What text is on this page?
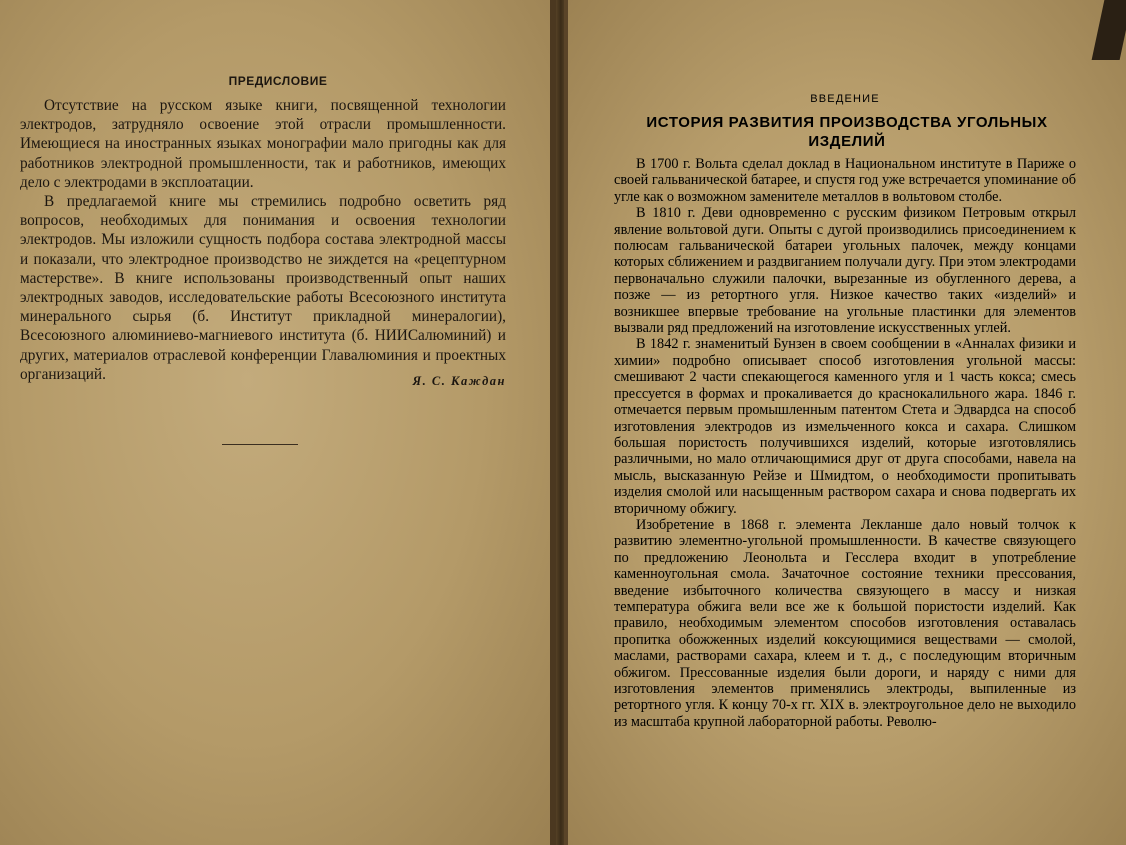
ПРЕДИСЛОВИЕ

Отсутствие на русском языке книги, посвященной технологии электродов, затрудняло освоение этой отрасли промышленности. Имеющиеся на иностранных языках монографии мало пригодны как для работников электродной промышленности, так и работников, имеющих дело с электродами в эксплоатации.

В предлагаемой книге мы стремились подробно осветить ряд вопросов, необходимых для понимания и освоения технологии электродов. Мы изложили сущность подбора состава электродной массы и показали, что электродное производство не зиждется на «рецептурном мастерстве». В книге использованы производственный опыт наших электродных заводов, исследовательские работы Всесоюзного института минерального сырья (б. Институт прикладной минералогии), Всесоюзного алюминиево-магниевого института (б. НИИСалюминий) и других, материалов отраслевой конференции Главалюминия и проектных организаций.	Я. С. Каждан
ВВЕДЕНИЕ
ИСТОРИЯ РАЗВИТИЯ ПРОИЗВОДСТВА УГОЛЬНЫХ ИЗДЕЛИЙ

В 1700 г. Вольта сделал доклад в Национальном институте в Париже о своей гальванической батарее, и спустя год уже встречается упоминание об угле как о возможном заменителе металлов в вольтовом столбе.

В 1810 г. Деви одновременно с русским физиком Петровым открыл явление вольтовой дуги. Опыты с дугой производились присоединением к полюсам гальванической батареи угольных палочек, между концами которых сближением и раздвиганием получали дугу. При этом электродами первоначально служили палочки, вырезанные из обугленного дерева, а позже — из ретортного угля. Низкое качество таких «изделий» и возникшее впервые требование на угольные пластинки для элементов вызвали ряд предложений на изготовление искусственных углей.

В 1842 г. знаменитый Бунзен в своем сообщении в «Анналах физики и химии» подробно описывает способ изготовления угольной массы: смешивают 2 части спекающегося каменного угля и 1 часть кокса; смесь прессуется в формах и прокаливается до краснокалильного жара. 1846 г. отмечается первым промышленным патентом Стета и Эдвардса на способ изготовления электродов из измельченного кокса и сахара. Слишком большая пористость получившихся изделий, которые изготовлялись различными, но мало отличающимися друг от друга способами, навела на мысль, высказанную Рейзе и Шмидтом, о необходимости пропитывать изделия смолой или насыщенным раствором сахара и снова подвергать их вторичному обжигу.

Изобретение в 1868 г. элемента Лекланше дало новый толчок к развитию элементно-угольной промышленности. В качестве связующего по предложению Леонольта и Гесслера входит в употребление каменноугольная смола. Зачаточное состояние техники прессования, введение избыточного количества связующего в массу и низкая температура обжига вели все же к большой пористости изделий. Как правило, необходимым элементом способов изготовления оставалась пропитка обожженных изделий коксующимися веществами — смолой, маслами, растворами сахара, клеем и т. д., с последующим вторичным обжигом. Прессованные изделия были дороги, и наряду с ними для изготовления элементов применялись электроды, выпиленные из ретортного угля. К концу 70-х гг. XIX в. электроугольное дело не выходило из масштаба крупной лабораторной работы. Револю-
